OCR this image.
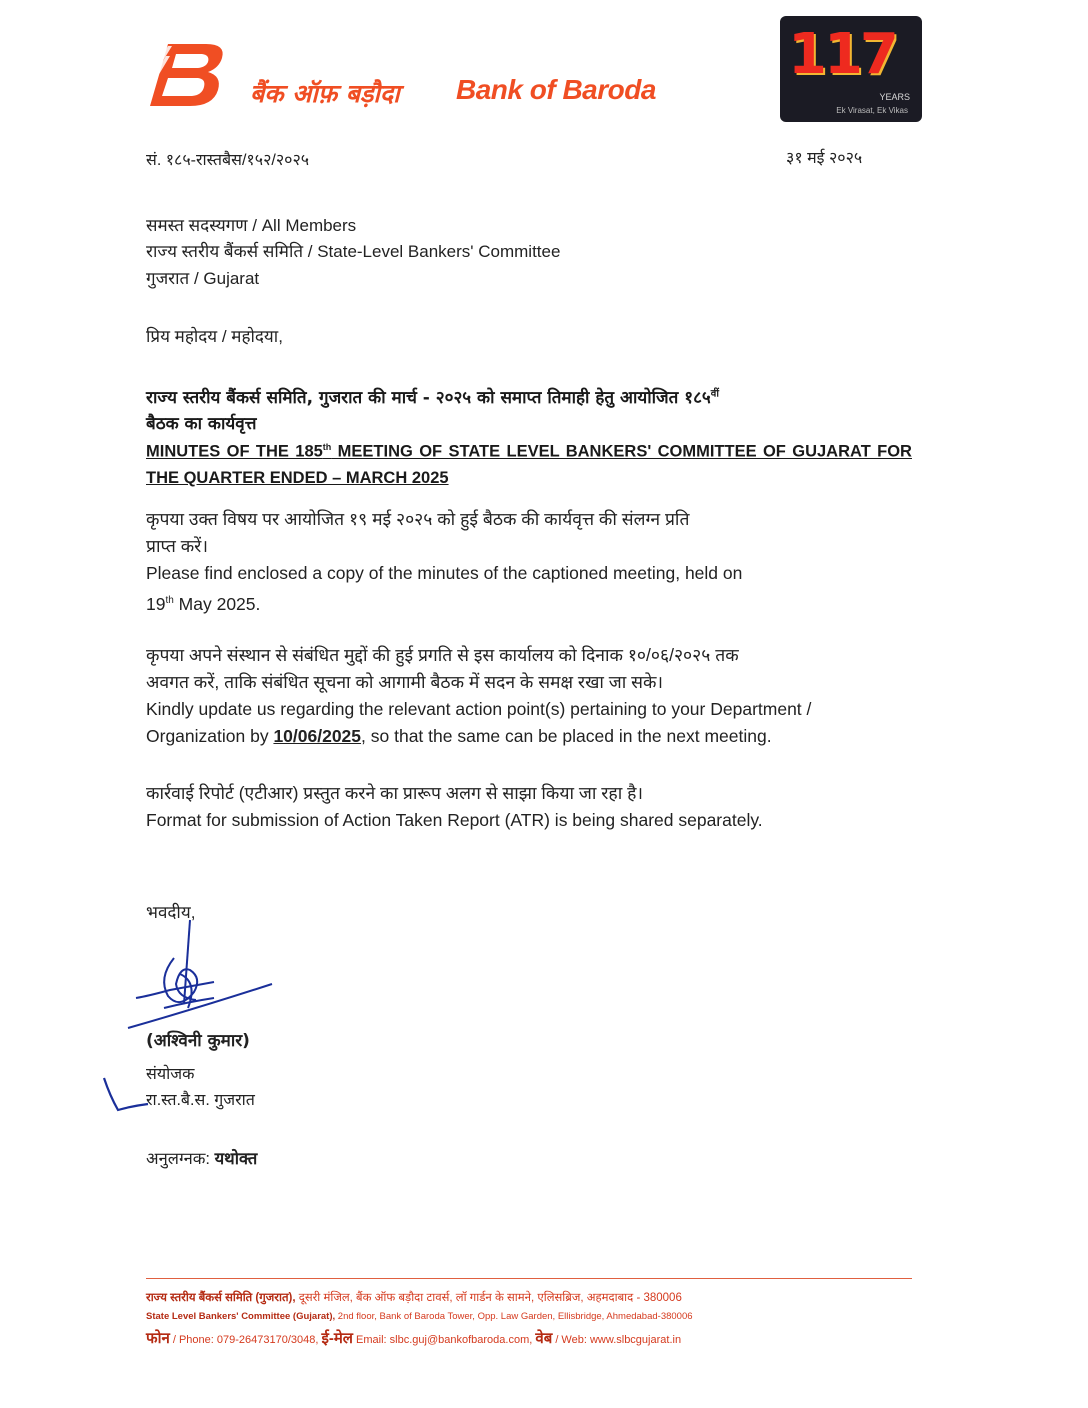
बैंक ऑफ़ बड़ौदा Bank of Baroda
117
YEARS
Ek Virasat, Ek Vikas
सं. १८५-रास्तबैस/१५२/२०२५	३१ मई २०२५
समस्त सदस्यगण / All Members
राज्य स्तरीय बैंकर्स समिति / State-Level Bankers' Committee
गुजरात / Gujarat
प्रिय महोदय / महोदया,
राज्य स्तरीय बैंकर्स समिति, गुजरात की मार्च - २०२५ को समाप्त तिमाही हेतु आयोजित $१८५^{वीं}$
बैठक का कार्यवृत्त
MINUTES OF THE 185th MEETING OF STATE LEVEL BANKERS' COMMITTEE OF GUJARAT FOR THE QUARTER ENDED – MARCH 2025
कृपया उक्त विषय पर आयोजित १९ मई २०२५ को हुई बैठक की कार्यवृत्त की संलग्न प्रति
प्राप्त करें।
Please find enclosed a copy of the minutes of the captioned meeting, held on
19th May 2025.
कृपया अपने संस्थान से संबंधित मुद्दों की हुई प्रगति से इस कार्यालय को दिनाक १०/०६/२०२५ तक
अवगत करें, ताकि संबंधित सूचना को आगामी बैठक में सदन के समक्ष रखा जा सके।
Kindly update us regarding the relevant action point(s) pertaining to your Department /
Organization by 10/06/2025, so that the same can be placed in the next meeting.
कार्रवाई रिपोर्ट (एटीआर) प्रस्तुत करने का प्रारूप अलग से साझा किया जा रहा है।
Format for submission of Action Taken Report (ATR) is being shared separately.
भवदीय,
(अश्विनी कुमार)
संयोजक
रा.स्त.बै.स. गुजरात
अनुलग्नक: यथोक्त
राज्य स्तरीय बैंकर्स समिति (गुजरात), दूसरी मंजिल, बैंक ऑफ बड़ौदा टावर्स, लॉ गार्डन के सामने, एलिसब्रिज, अहमदाबाद - 380006
State Level Bankers' Committee (Gujarat), 2nd floor, Bank of Baroda Tower, Opp. Law Garden, Ellisbridge, Ahmedabad-380006
फोन / Phone: 079-26473170/3048, ई-मेल Email: slbc.guj@bankofbaroda.com, वेब / Web: www.slbcgujarat.in
